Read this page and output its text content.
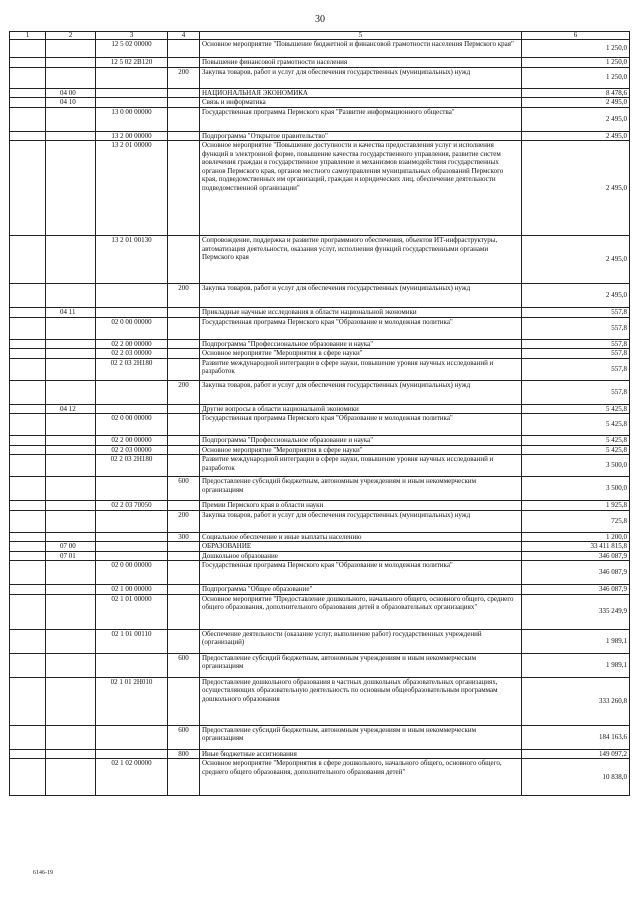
30
1	2	3	4	5	6
		12 5 02 00000		Основное мероприятие "Повышение бюджетной и финансовой грамотности населения Пермского края"	1 250,0
		12 5 02 2В120		Повышение финансовой грамотности населения	1 250,0
			200	Закупка товаров, работ и услуг для обеспечения государственных (муниципальных) нужд	1 250,0
	04 00			НАЦИОНАЛЬНАЯ ЭКОНОМИКА	8 478,6
	04 10			Связь и информатика	2 495,0
		13 0 00 00000		Государственная программа Пермского края "Развитие информационного общества"	2 495,0
		13 2 00 00000		Подпрограмма "Открытое правительство"	2 495,0
		13 2 01 00000		Основное мероприятие "Повышение доступности и качества предоставления услуг и исполнения функций в электронной форме, повышение качества государственного управления, развитие систем вовлечения граждан в государственное управление и механизмов взаимодействия государственных органов Пермского края, органов местного самоуправления муниципальных образований Пермского края, подведомственных им организаций, граждан и юридических лиц, обеспечение деятельности подведомственной организации"	2 495,0
		13 2 01 00130		Сопровождение, поддержка и развитие программного обеспечения, объектов ИТ-инфраструктуры, автоматизация деятельности, оказания услуг, исполнения функций государственными органами Пермского края	2 495,0
			200	Закупка товаров, работ и услуг для обеспечения государственных (муниципальных) нужд	2 495,0
	04 11			Прикладные научные исследования в области национальной экономики	557,8
		02 0 00 00000		Государственная программа Пермского края "Образование и молодежная политика"	557,8
		02 2 00 00000		Подпрограмма "Профессиональное образование и наука"	557,8
		02 2 03 00000		Основное мероприятие "Мероприятия в сфере науки"	557,8
		02 2 03 2Н180		Развитие международной интеграции в сфере науки, повышение уровня научных исследований и разработок	557,8
			200	Закупка товаров, работ и услуг для обеспечения государственных (муниципальных) нужд	557,8
	04 12			Другие вопросы в области национальной экономики	5 425,8
		02 0 00 00000		Государственная программа Пермского края "Образование и молодежная политика"	5 425,8
		02 2 00 00000		Подпрограмма "Профессиональное образование и наука"	5 425,8
		02 2 03 00000		Основное мероприятие "Мероприятия в сфере науки"	5 425,8
		02 2 03 2Н180		Развитие международной интеграции в сфере науки, повышение уровня научных исследований и разработок	3 500,0
			600	Предоставление субсидий бюджетным, автономным учреждениям и иным некоммерческим организациям	3 500,0
		02 2 03 70050		Премии Пермского края в области науки	1 925,8
			200	Закупка товаров, работ и услуг для обеспечения государственных (муниципальных) нужд	725,8
			300	Социальное обеспечение и иные выплаты населению	1 200,0
	07 00			ОБРАЗОВАНИЕ	33 411 815,8
	07 01			Дошкольное образование	346 087,9
		02 0 00 00000		Государственная программа Пермского края "Образование и молодежная политика"	346 087,9
		02 1 00 00000		Подпрограмма "Общее образование"	346 087,9
		02 1 01 00000		Основное мероприятие "Предоставление дошкольного, начального общего, основного общего, среднего общего образования, дополнительного образования детей в образовательных организациях"	335 249,9
		02 1 01 00110		Обеспечение деятельности (оказание услуг, выполнение работ) государственных учреждений (организаций)	1 989,1
			600	Предоставление субсидий бюджетным, автономным учреждениям и иным некоммерческим организациям	1 989,1
		02 1 01 2Н010		Предоставление дошкольного образования в частных дошкольных образовательных организациях, осуществляющих образовательную деятельность по основным общеобразовательным программам дошкольного образования	333 260,8
			600	Предоставление субсидий бюджетным, автономным учреждениям и иным некоммерческим организациям	184 163,6
			800	Иные бюджетные ассигнования	149 097,2
		02 1 02 00000		Основное мероприятие "Мероприятия в сфере дошкольного, начального общего, основного общего, среднего общего образования, дополнительного образования детей"	10 838,0
6146-19
